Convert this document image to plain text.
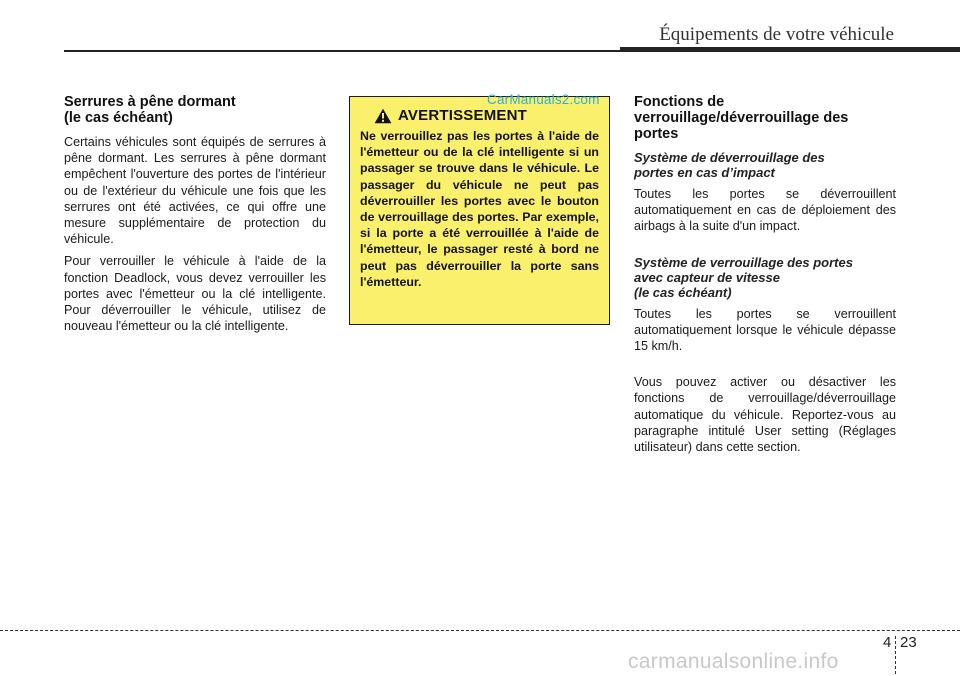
Équipements de votre véhicule
Serrures à pêne dormant
(le cas échéant)

Certains véhicules sont équipés de serrures à pêne dormant. Les serrures à pêne dormant empêchent l'ouverture des portes de l'intérieur ou de l'extérieur du véhicule une fois que les serrures ont été activées, ce qui offre une mesure supplémentaire de protection du véhicule.

Pour verrouiller le véhicule à l'aide de la fonction Deadlock, vous devez verrouiller les portes avec l'émetteur ou la clé intelligente. Pour déverrouiller le véhicule, utilisez de nouveau l'émetteur ou la clé intelligente.

AVERTISSEMENT

Ne verrouillez pas les portes à l'aide de l'émetteur ou de la clé intelligente si un passager se trouve dans le véhicule. Le passager du véhicule ne peut pas déverrouiller les portes avec le bouton de verrouillage des portes. Par exemple, si la porte a été verrouillée à l'aide de l'émetteur, le passager resté à bord ne peut pas déverrouiller la porte sans l'émetteur.

CarManuals2.com Fonctions de
verrouillage/déverrouillage des
portes
Système de déverrouillage des
portes en cas d’impact

Toutes les portes se déverrouillent automatiquement en cas de déploiement des airbags à la suite d'un impact.

Système de verrouillage des portes
avec capteur de vitesse
(le cas échéant)

Toutes les portes se verrouillent automatiquement lorsque le véhicule dépasse 15 km/h.

Vous pouvez activer ou désactiver les fonctions de verrouillage/déverrouillage automatique du véhicule. Reportez-vous au paragraphe intitulé User setting (Réglages utilisateur) dans cette section.

4 23
carmanualsonline.info
